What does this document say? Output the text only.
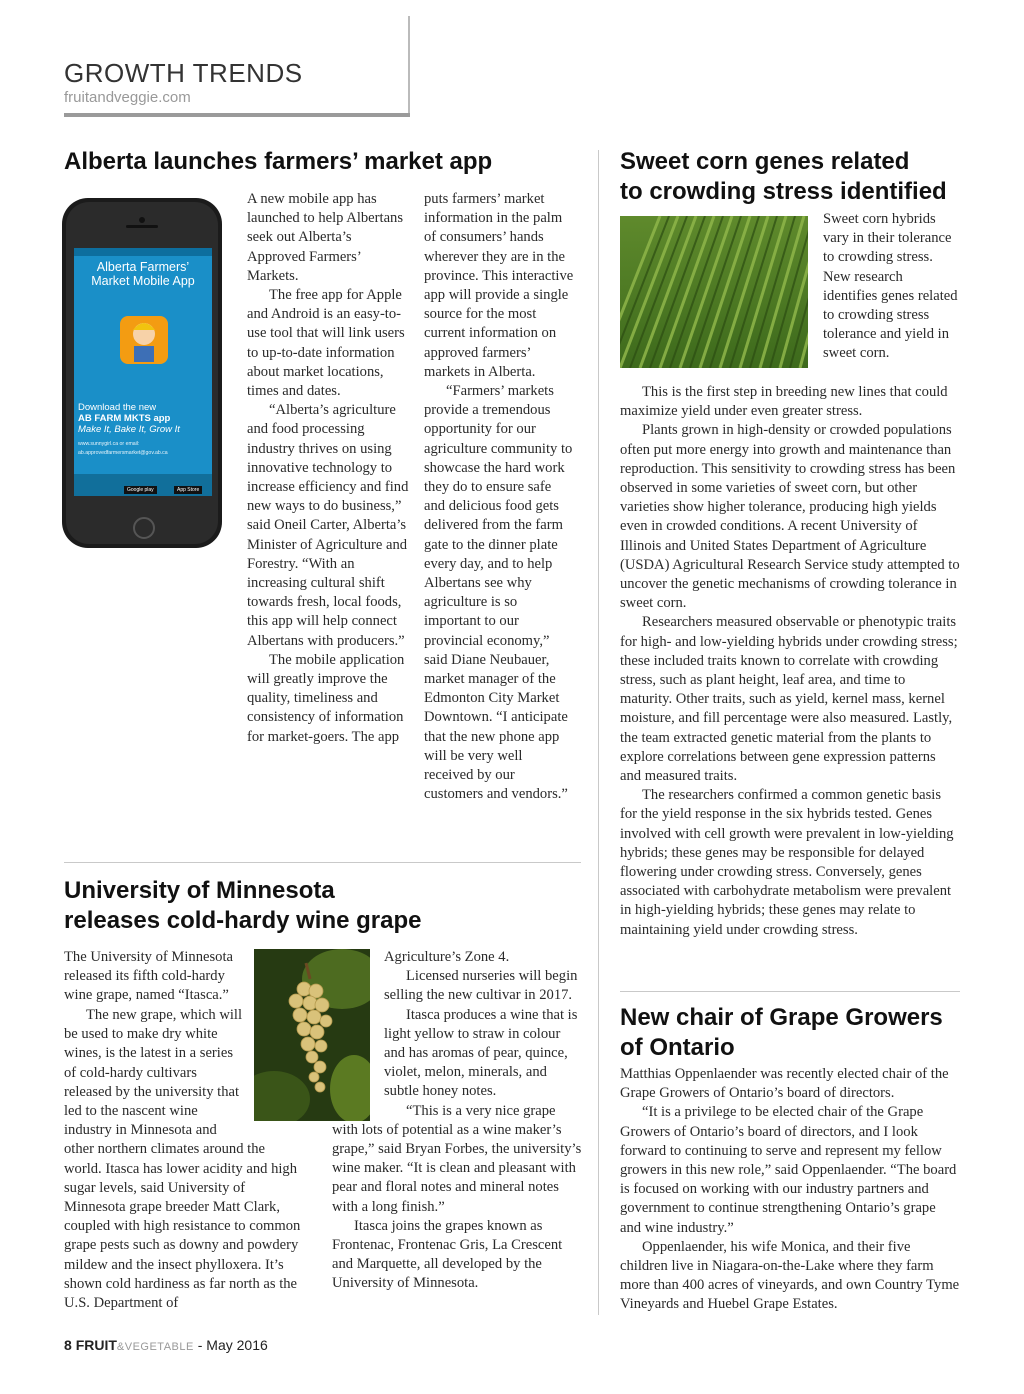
GROWTH TRENDS
fruitandveggie.com
Alberta launches farmers’ market app
Alberta Farmers’ Market Mobile App
Download the new
AB FARM MKTS app
Make It, Bake It, Grow It
www.sunnygirl.ca or email:
ab.approvedfarmersmarket@gov.ab.ca
Google play	App Store

A new mobile app has launched to help Albertans seek out Alberta’s Approved Farmers’ Markets.

The free app for Apple and Android is an easy-to-use tool that will link users to up-to-date information about market locations, times and dates.

“Alberta’s agriculture and food processing industry thrives on using innovative technology to increase efficiency and find new ways to do business,” said Oneil Carter, Alberta’s Minister of Agriculture and Forestry. “With an increasing cultural shift towards fresh, local foods, this app will help connect Albertans with producers.”

The mobile application will greatly improve the quality, timeliness and consistency of information for market-goers. The app

puts farmers’ market information in the palm of consumers’ hands wherever they are in the province. This interactive app will provide a single source for the most current information on approved farmers’ markets in Alberta.

“Farmers’ markets provide a tremendous opportunity for our agriculture community to showcase the hard work they do to ensure safe and delicious food gets delivered from the farm gate to the dinner plate every day, and to help Albertans see why agriculture is so important to our provincial economy,” said Diane Neubauer, market manager of the Edmonton City Market Downtown. “I anticipate that the new phone app will be very well received by our customers and vendors.”

University of Minnesota
releases cold-hardy wine grape

The University of Minnesota released its fifth cold-hardy wine grape, named “Itasca.”

The new grape, which will be used to make dry white wines, is the latest in a series of cold-hardy cultivars released by the university that led to the nascent wine industry in Minnesota and other northern climates around the world. Itasca has lower acidity and high sugar levels, said University of Minnesota grape breeder Matt Clark, coupled with high resistance to common grape pests such as downy and powdery mildew and the insect phylloxera. It’s shown cold hardiness as far north as the U.S. Department of

Agriculture’s Zone 4.

Licensed nurseries will begin selling the new cultivar in 2017.

Itasca produces a wine that is light yellow to straw in colour and has aromas of pear, quince, violet, melon, minerals, and subtle honey notes.

“This is a very nice grape with lots of potential as a wine maker’s grape,” said Bryan Forbes, the university’s wine maker. “It is clean and pleasant with pear and floral notes and mineral notes with a long finish.”

Itasca joins the grapes known as Frontenac, Frontenac Gris, La Crescent and Marquette, all developed by the University of Minnesota.

Sweet corn genes related
to crowding stress identified

Sweet corn hybrids vary in their tolerance to crowding stress. New research identifies genes related to crowding stress tolerance and yield in sweet corn.

This is the first step in breeding new lines that could maximize yield under even greater stress.

Plants grown in high-density or crowded populations often put more energy into growth and maintenance than reproduction. This sensitivity to crowding stress has been observed in some varieties of sweet corn, but other varieties show higher tolerance, producing high yields even in crowded conditions. A recent University of Illinois and United States Department of Agriculture (USDA) Agricultural Research Service study attempted to uncover the genetic mechanisms of crowding tolerance in sweet corn.

Researchers measured observable or phenotypic traits for high- and low-yielding hybrids under crowding stress; these included traits known to correlate with crowding stress, such as plant height, leaf area, and time to maturity. Other traits, such as yield, kernel mass, kernel moisture, and fill percentage were also measured. Lastly, the team extracted genetic material from the plants to explore correlations between gene expression patterns and measured traits.

The researchers confirmed a common genetic basis for the yield response in the six hybrids tested. Genes involved with cell growth were prevalent in low-yielding hybrids; these genes may be responsible for delayed flowering under crowding stress. Conversely, genes associated with carbohydrate metabolism were prevalent in high-yielding hybrids; these genes may relate to maintaining yield under crowding stress.

New chair of Grape Growers
of Ontario

Matthias Oppenlaender was recently elected chair of the Grape Growers of Ontario’s board of directors.

“It is a privilege to be elected chair of the Grape Growers of Ontario’s board of directors, and I look forward to continuing to serve and represent my fellow growers in this new role,” said Oppenlaender. “The board is focused on working with our industry partners and government to continue strengthening Ontario’s grape and wine industry.”

Oppenlaender, his wife Monica, and their five children live in Niagara-on-the-Lake where they farm more than 400 acres of vineyards, and own Country Tyme Vineyards and Huebel Grape Estates.

8 FRUIT&VEGETABLE - May 2016
